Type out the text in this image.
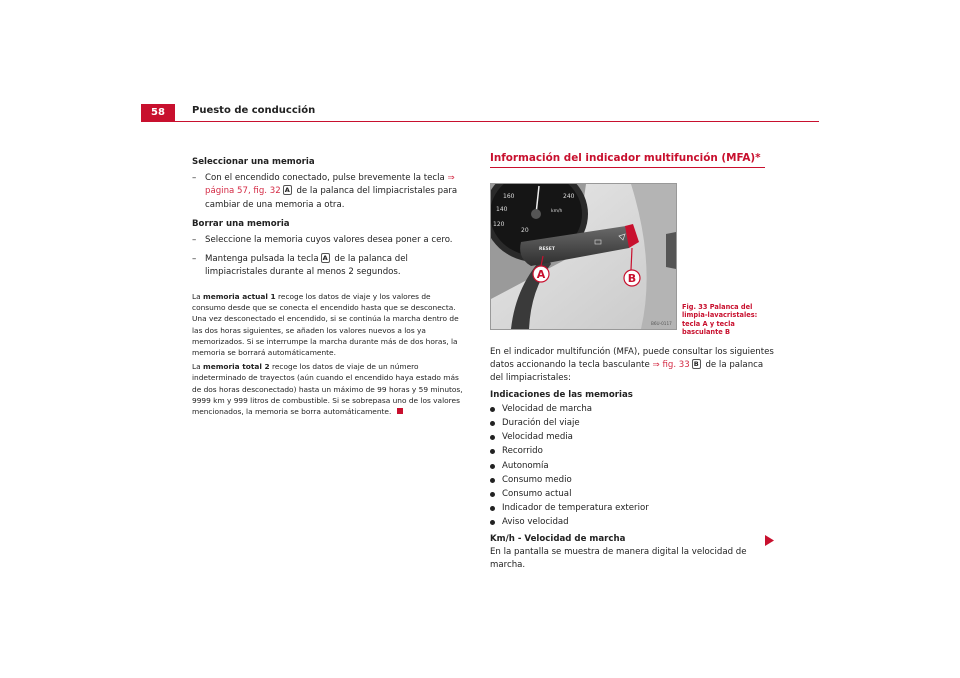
58	Puesto de conducción
Seleccionar una memoria
– Con el encendido conectado, pulse brevemente la tecla ⇒ página 57, fig. 32 A de la palanca del limpiacristales para cambiar de una memoria a otra.
Borrar una memoria
– Seleccione la memoria cuyos valores desea poner a cero.
– Mantenga pulsada la tecla A de la palanca del limpiacristales durante al menos 2 segundos.

La memoria actual 1 recoge los datos de viaje y los valores de consumo desde que se conecta el encendido hasta que se desconecta. Una vez desconectado el encendido, si se continúa la marcha dentro de las dos horas siguientes, se añaden los valores nuevos a los ya memorizados. Si se interrumpe la marcha durante más de dos horas, la memoria se borrará automáticamente.

La memoria total 2 recoge los datos de viaje de un número indeterminado de trayectos (aún cuando el encendido haya estado más de dos horas desconectado) hasta un máximo de 99 horas y 59 minutos, 9999 km y 999 litros de combustible. Si se sobrepasa uno de los valores mencionados, la memoria se borra automáticamente.

Información del indicador multifunción (MFA)*
160
140
120
20
240
km/h
RESET
A	B
B6U-0117
Fig. 33 Palanca del limpia-lavacristales: tecla A y tecla basculante B
En el indicador multifunción (MFA), puede consultar los siguientes datos accionando la tecla basculante ⇒ fig. 33 B de la palanca del limpiacristales:
Indicaciones de las memorias
Velocidad de marcha
Duración del viaje
Velocidad media
Recorrido
Autonomía
Consumo medio
Consumo actual
Indicador de temperatura exterior
Aviso velocidad
Km/h - Velocidad de marcha
En la pantalla se muestra de manera digital la velocidad de marcha.
